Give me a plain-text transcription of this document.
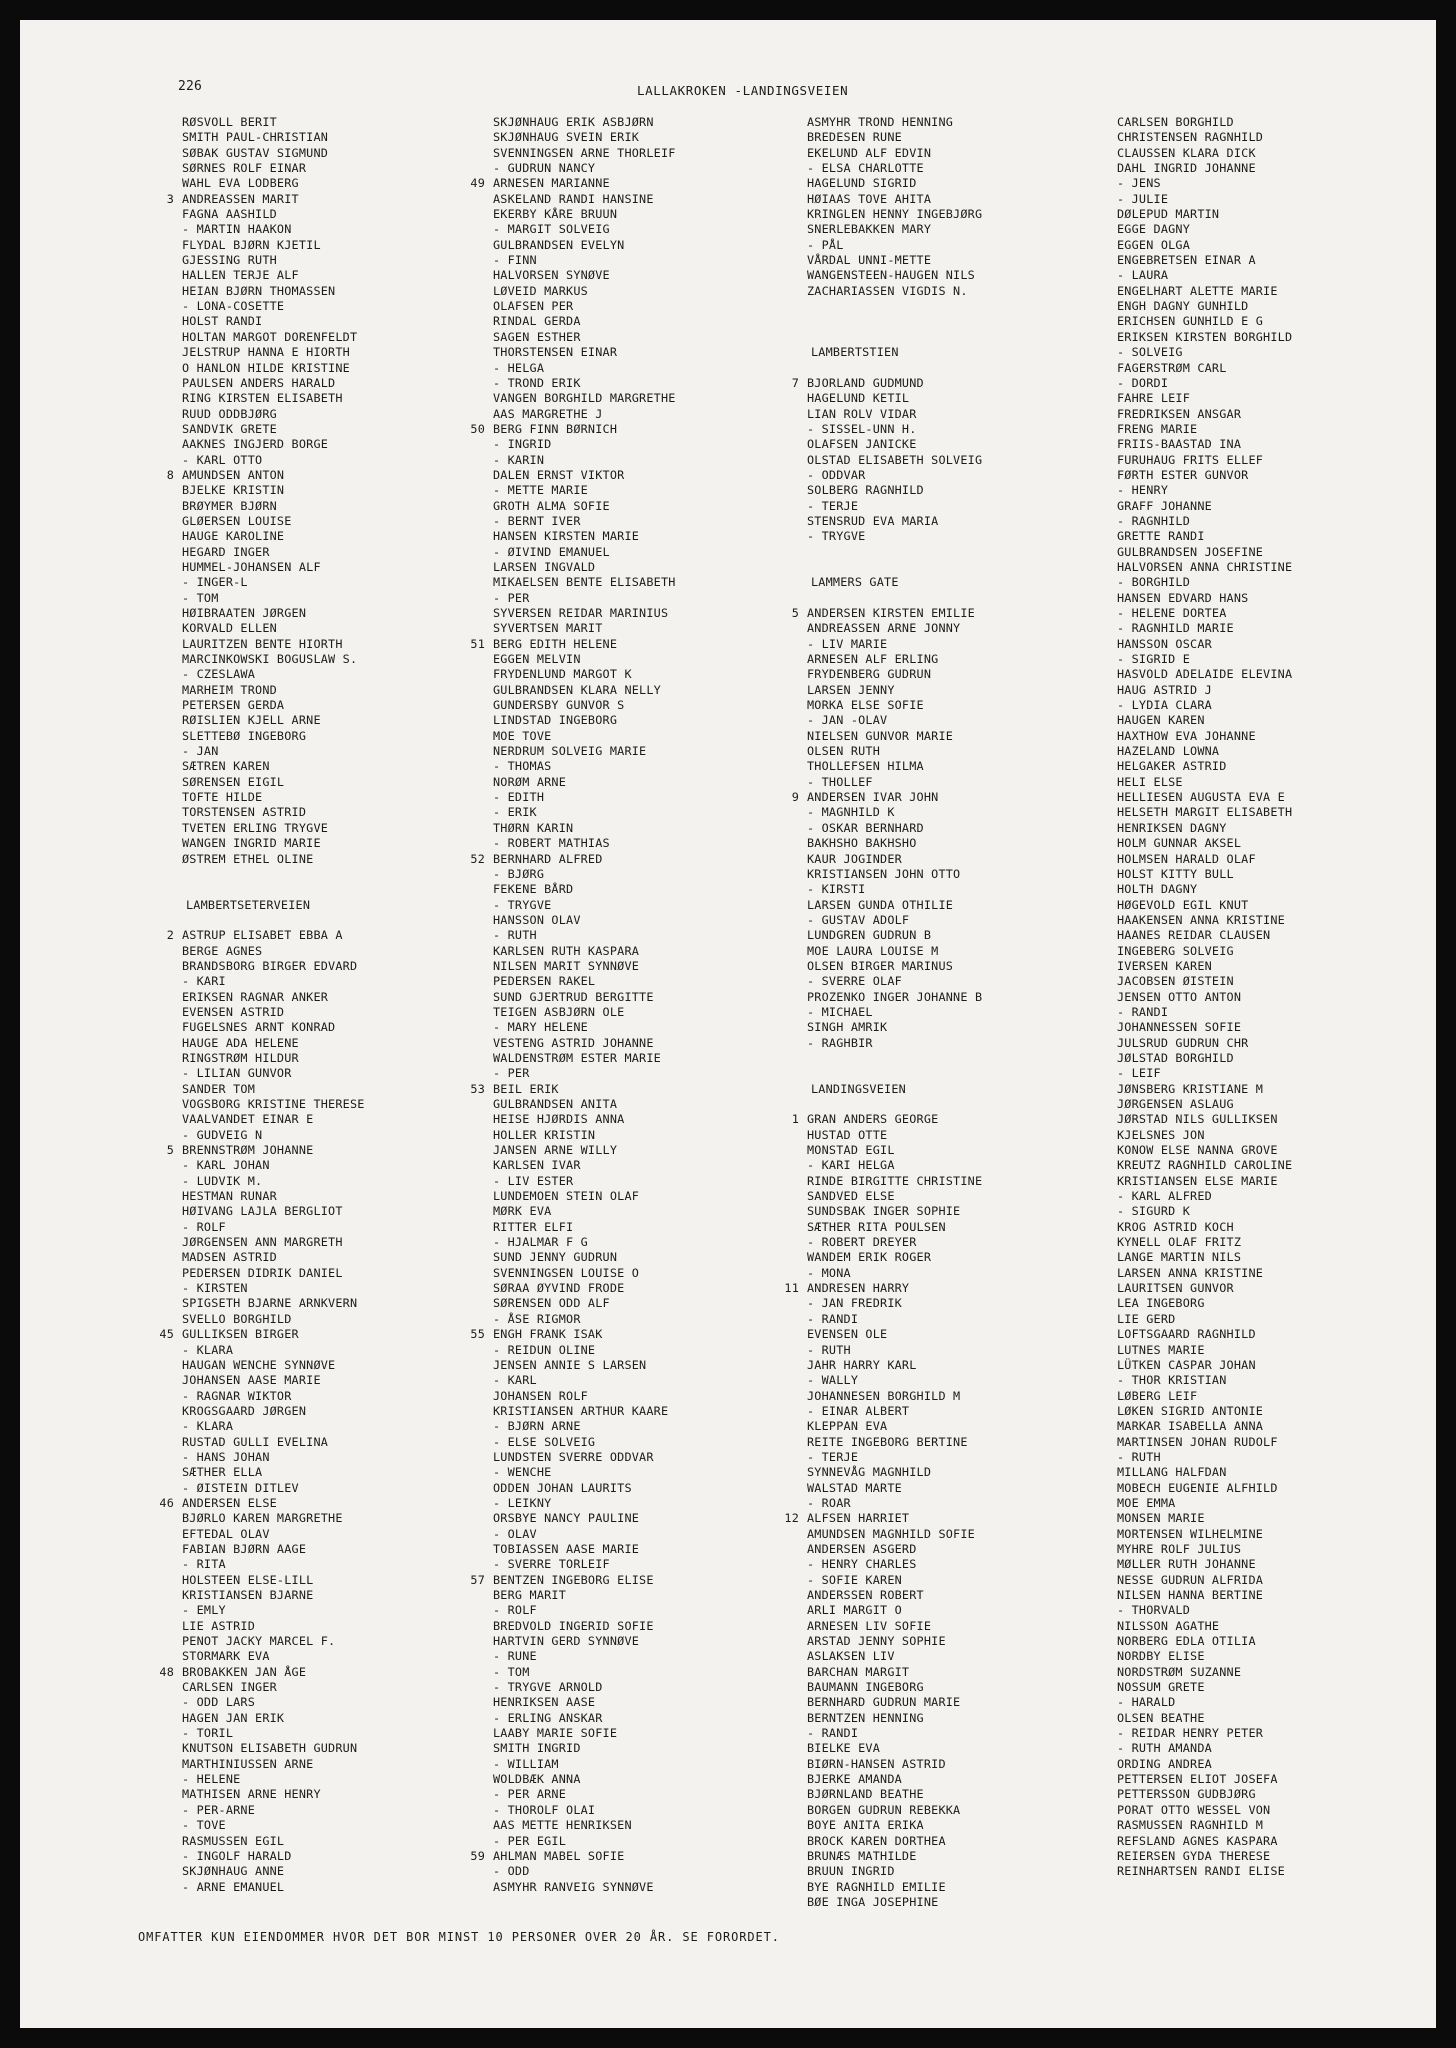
226	LALLAKROKEN -LANDINGSVEIEN
RØSVOLL BERIT
SMITH PAUL-CHRISTIAN
SØBAK GUSTAV SIGMUND
SØRNES ROLF EINAR
WAHL EVA LODBERG
3 ANDREASSEN MARIT
FAGNA AASHILD
- MARTIN HAAKON
FLYDAL BJØRN KJETIL
GJESSING RUTH
HALLEN TERJE ALF
HEIAN BJØRN THOMASSEN
- LONA-COSETTE
HOLST RANDI
HOLTAN MARGOT DORENFELDT
JELSTRUP HANNA E HIORTH
O HANLON HILDE KRISTINE
PAULSEN ANDERS HARALD
RING KIRSTEN ELISABETH
RUUD ODDBJØRG
SANDVIK GRETE
AAKNES INGJERD BORGE
- KARL OTTO
8 AMUNDSEN ANTON
BJELKE KRISTIN
BRØYMER BJØRN
GLØERSEN LOUISE
HAUGE KAROLINE
HEGARD INGER
HUMMEL-JOHANSEN ALF
- INGER-L
- TOM
HØIBRAATEN JØRGEN
KORVALD ELLEN
LAURITZEN BENTE HIORTH
MARCINKOWSKI BOGUSLAW S.
- CZESLAWA
MARHEIM TROND
PETERSEN GERDA
RØISLIEN KJELL ARNE
SLETTEBØ INGEBORG
- JAN
SÆTREN KAREN
SØRENSEN EIGIL
TOFTE HILDE
TORSTENSEN ASTRID
TVETEN ERLING TRYGVE
WANGEN INGRID MARIE
ØSTREM ETHEL OLINE
LAMBERTSETERVEIEN
2 ASTRUP ELISABET EBBA A
BERGE AGNES
BRANDSBORG BIRGER EDVARD
- KARI
ERIKSEN RAGNAR ANKER
EVENSEN ASTRID
FUGELSNES ARNT KONRAD
HAUGE ADA HELENE
RINGSTRØM HILDUR
- LILIAN GUNVOR
SANDER TOM
VOGSBORG KRISTINE THERESE
VAALVANDET EINAR E
- GUDVEIG N
5 BRENNSTRØM JOHANNE
- KARL JOHAN
- LUDVIK M.
HESTMAN RUNAR
HØIVANG LAJLA BERGLIOT
- ROLF
JØRGENSEN ANN MARGRETH
MADSEN ASTRID
PEDERSEN DIDRIK DANIEL
- KIRSTEN
SPIGSETH BJARNE ARNKVERN
SVELLO BORGHILD
45 GULLIKSEN BIRGER
- KLARA
HAUGAN WENCHE SYNNØVE
JOHANSEN AASE MARIE
- RAGNAR WIKTOR
KROGSGAARD JØRGEN
- KLARA
RUSTAD GULLI EVELINA
- HANS JOHAN
SÆTHER ELLA
- ØISTEIN DITLEV
46 ANDERSEN ELSE
BJØRLO KAREN MARGRETHE
EFTEDAL OLAV
FABIAN BJØRN AAGE
- RITA
HOLSTEEN ELSE-LILL
KRISTIANSEN BJARNE
- EMLY
LIE ASTRID
PENOT JACKY MARCEL F.
STORMARK EVA
48 BROBAKKEN JAN ÅGE
CARLSEN INGER
- ODD LARS
HAGEN JAN ERIK
- TORIL
KNUTSON ELISABETH GUDRUN
MARTHINIUSSEN ARNE
- HELENE
MATHISEN ARNE HENRY
- PER-ARNE
- TOVE
RASMUSSEN EGIL
- INGOLF HARALD
SKJØNHAUG ANNE
- ARNE EMANUEL
SKJØNHAUG ERIK ASBJØRN
SKJØNHAUG SVEIN ERIK
SVENNINGSEN ARNE THORLEIF
- GUDRUN NANCY
49 ARNESEN MARIANNE
ASKELAND RANDI HANSINE
EKERBY KÅRE BRUUN
- MARGIT SOLVEIG
GULBRANDSEN EVELYN
- FINN
HALVORSEN SYNØVE
LØVEID MARKUS
OLAFSEN PER
RINDAL GERDA
SAGEN ESTHER
THORSTENSEN EINAR
- HELGA
- TROND ERIK
VANGEN BORGHILD MARGRETHE
AAS MARGRETHE J
50 BERG FINN BØRNICH
- INGRID
- KARIN
DALEN ERNST VIKTOR
- METTE MARIE
GROTH ALMA SOFIE
- BERNT IVER
HANSEN KIRSTEN MARIE
- ØIVIND EMANUEL
LARSEN INGVALD
MIKAELSEN BENTE ELISABETH
- PER
SYVERSEN REIDAR MARINIUS
SYVERTSEN MARIT
51 BERG EDITH HELENE
EGGEN MELVIN
FRYDENLUND MARGOT K
GULBRANDSEN KLARA NELLY
GUNDERSBY GUNVOR S
LINDSTAD INGEBORG
MOE TOVE
NERDRUM SOLVEIG MARIE
- THOMAS
NORØM ARNE
- EDITH
- ERIK
THØRN KARIN
- ROBERT MATHIAS
52 BERNHARD ALFRED
- BJØRG
FEKENE BÅRD
- TRYGVE
HANSSON OLAV
- RUTH
KARLSEN RUTH KASPARA
NILSEN MARIT SYNNØVE
PEDERSEN RAKEL
SUND GJERTRUD BERGITTE
TEIGEN ASBJØRN OLE
- MARY HELENE
VESTENG ASTRID JOHANNE
WALDENSTRØM ESTER MARIE
- PER
53 BEIL ERIK
GULBRANDSEN ANITA
HEISE HJØRDIS ANNA
HOLLER KRISTIN
JANSEN ARNE WILLY
KARLSEN IVAR
- LIV ESTER
LUNDEMOEN STEIN OLAF
MØRK EVA
RITTER ELFI
- HJALMAR F G
SUND JENNY GUDRUN
SVENNINGSEN LOUISE O
SØRAA ØYVIND FRODE
SØRENSEN ODD ALF
- ÅSE RIGMOR
55 ENGH FRANK ISAK
- REIDUN OLINE
JENSEN ANNIE S LARSEN
- KARL
JOHANSEN ROLF
KRISTIANSEN ARTHUR KAARE
- BJØRN ARNE
- ELSE SOLVEIG
LUNDSTEN SVERRE ODDVAR
- WENCHE
ODDEN JOHAN LAURITS
- LEIKNY
ORSBYE NANCY PAULINE
- OLAV
TOBIASSEN AASE MARIE
- SVERRE TORLEIF
57 BENTZEN INGEBORG ELISE
BERG MARIT
- ROLF
BREDVOLD INGERID SOFIE
HARTVIN GERD SYNNØVE
- RUNE
- TOM
- TRYGVE ARNOLD
HENRIKSEN AASE
- ERLING ANSKAR
LAABY MARIE SOFIE
SMITH INGRID
- WILLIAM
WOLDBÆK ANNA
- PER ARNE
- THOROLF OLAI
AAS METTE HENRIKSEN
- PER EGIL
59 AHLMAN MABEL SOFIE
- ODD
ASMYHR RANVEIG SYNNØVE
ASMYHR TROND HENNING
BREDESEN RUNE
EKELUND ALF EDVIN
- ELSA CHARLOTTE
HAGELUND SIGRID
HØIAAS TOVE AHITA
KRINGLEN HENNY INGEBJØRG
SNERLEBAKKEN MARY
- PÅL
VÅRDAL UNNI-METTE
WANGENSTEEN-HAUGEN NILS
ZACHARIASSEN VIGDIS N.
LAMBERTSTIEN
7 BJORLAND GUDMUND
HAGELUND KETIL
LIAN ROLV VIDAR
- SISSEL-UNN H.
OLAFSEN JANICKE
OLSTAD ELISABETH SOLVEIG
- ODDVAR
SOLBERG RAGNHILD
- TERJE
STENSRUD EVA MARIA
- TRYGVE
LAMMERS GATE
5 ANDERSEN KIRSTEN EMILIE
ANDREASSEN ARNE JONNY
- LIV MARIE
ARNESEN ALF ERLING
FRYDENBERG GUDRUN
LARSEN JENNY
MORKA ELSE SOFIE
- JAN -OLAV
NIELSEN GUNVOR MARIE
OLSEN RUTH
THOLLEFSEN HILMA
- THOLLEF
9 ANDERSEN IVAR JOHN
- MAGNHILD K
- OSKAR BERNHARD
BAKHSHO BAKHSHO
KAUR JOGINDER
KRISTIANSEN JOHN OTTO
- KIRSTI
LARSEN GUNDA OTHILIE
- GUSTAV ADOLF
LUNDGREN GUDRUN B
MOE LAURA LOUISE M
OLSEN BIRGER MARINUS
- SVERRE OLAF
PROZENKO INGER JOHANNE B
- MICHAEL
SINGH AMRIK
- RAGHBIR
LANDINGSVEIEN
1 GRAN ANDERS GEORGE
HUSTAD OTTE
MONSTAD EGIL
- KARI HELGA
RINDE BIRGITTE CHRISTINE
SANDVED ELSE
SUNDSBAK INGER SOPHIE
SÆTHER RITA POULSEN
- ROBERT DREYER
WANDEM ERIK ROGER
- MONA
11 ANDRESEN HARRY
- JAN FREDRIK
- RANDI
EVENSEN OLE
- RUTH
JAHR HARRY KARL
- WALLY
JOHANNESEN BORGHILD M
- EINAR ALBERT
KLEPPAN EVA
REITE INGEBORG BERTINE
- TERJE
SYNNEVÅG MAGNHILD
WALSTAD MARTE
- ROAR
12 ALFSEN HARRIET
AMUNDSEN MAGNHILD SOFIE
ANDERSEN ASGERD
- HENRY CHARLES
- SOFIE KAREN
ANDERSSEN ROBERT
ARLI MARGIT O
ARNESEN LIV SOFIE
ARSTAD JENNY SOPHIE
ASLAKSEN LIV
BARCHAN MARGIT
BAUMANN INGEBORG
BERNHARD GUDRUN MARIE
BERNTZEN HENNING
- RANDI
BIELKE EVA
BIØRN-HANSEN ASTRID
BJERKE AMANDA
BJØRNLAND BEATHE
BORGEN GUDRUN REBEKKA
BOYE ANITA ERIKA
BROCK KAREN DORTHEA
BRUNÆS MATHILDE
BRUUN INGRID
BYE RAGNHILD EMILIE
BØE INGA JOSEPHINE
CARLSEN BORGHILD
CHRISTENSEN RAGNHILD
CLAUSSEN KLARA DICK
DAHL INGRID JOHANNE
- JENS
- JULIE
DØLEPUD MARTIN
EGGE DAGNY
EGGEN OLGA
ENGEBRETSEN EINAR A
- LAURA
ENGELHART ALETTE MARIE
ENGH DAGNY GUNHILD
ERICHSEN GUNHILD E G
ERIKSEN KIRSTEN BORGHILD
- SOLVEIG
FAGERSTRØM CARL
- DORDI
FAHRE LEIF
FREDRIKSEN ANSGAR
FRENG MARIE
FRIIS-BAASTAD INA
FURUHAUG FRITS ELLEF
FØRTH ESTER GUNVOR
- HENRY
GRAFF JOHANNE
- RAGNHILD
GRETTE RANDI
GULBRANDSEN JOSEFINE
HALVORSEN ANNA CHRISTINE
- BORGHILD
HANSEN EDVARD HANS
- HELENE DORTEA
- RAGNHILD MARIE
HANSSON OSCAR
- SIGRID E
HASVOLD ADELAIDE ELEVINA
HAUG ASTRID J
- LYDIA CLARA
HAUGEN KAREN
HAXTHOW EVA JOHANNE
HAZELAND LOWNA
HELGAKER ASTRID
HELI ELSE
HELLIESEN AUGUSTA EVA E
HELSETH MARGIT ELISABETH
HENRIKSEN DAGNY
HOLM GUNNAR AKSEL
HOLMSEN HARALD OLAF
HOLST KITTY BULL
HOLTH DAGNY
HØGEVOLD EGIL KNUT
HAAKENSEN ANNA KRISTINE
HAANES REIDAR CLAUSEN
INGEBERG SOLVEIG
IVERSEN KAREN
JACOBSEN ØISTEIN
JENSEN OTTO ANTON
- RANDI
JOHANNESSEN SOFIE
JULSRUD GUDRUN CHR
JØLSTAD BORGHILD
- LEIF
JØNSBERG KRISTIANE M
JØRGENSEN ASLAUG
JØRSTAD NILS GULLIKSEN
KJELSNES JON
KONOW ELSE NANNA GROVE
KREUTZ RAGNHILD CAROLINE
KRISTIANSEN ELSE MARIE
- KARL ALFRED
- SIGURD K
KROG ASTRID KOCH
KYNELL OLAF FRITZ
LANGE MARTIN NILS
LARSEN ANNA KRISTINE
LAURITSEN GUNVOR
LEA INGEBORG
LIE GERD
LOFTSGAARD RAGNHILD
LUTNES MARIE
LÜTKEN CASPAR JOHAN
- THOR KRISTIAN
LØBERG LEIF
LØKEN SIGRID ANTONIE
MARKAR ISABELLA ANNA
MARTINSEN JOHAN RUDOLF
- RUTH
MILLANG HALFDAN
MOBECH EUGENIE ALFHILD
MOE EMMA
MONSEN MARIE
MORTENSEN WILHELMINE
MYHRE ROLF JULIUS
MØLLER RUTH JOHANNE
NESSE GUDRUN ALFRIDA
NILSEN HANNA BERTINE
- THORVALD
NILSSON AGATHE
NORBERG EDLA OTILIA
NORDBY ELISE
NORDSTRØM SUZANNE
NOSSUM GRETE
- HARALD
OLSEN BEATHE
- REIDAR HENRY PETER
- RUTH AMANDA
ORDING ANDREA
PETTERSEN ELIOT JOSEFA
PETTERSSON GUDBJØRG
PORAT OTTO WESSEL VON
RASMUSSEN RAGNHILD M
REFSLAND AGNES KASPARA
REIERSEN GYDA THERESE
REINHARTSEN RANDI ELISE
OMFATTER KUN EIENDOMMER HVOR DET BOR MINST 10 PERSONER OVER 20 ÅR. SE FORORDET.
